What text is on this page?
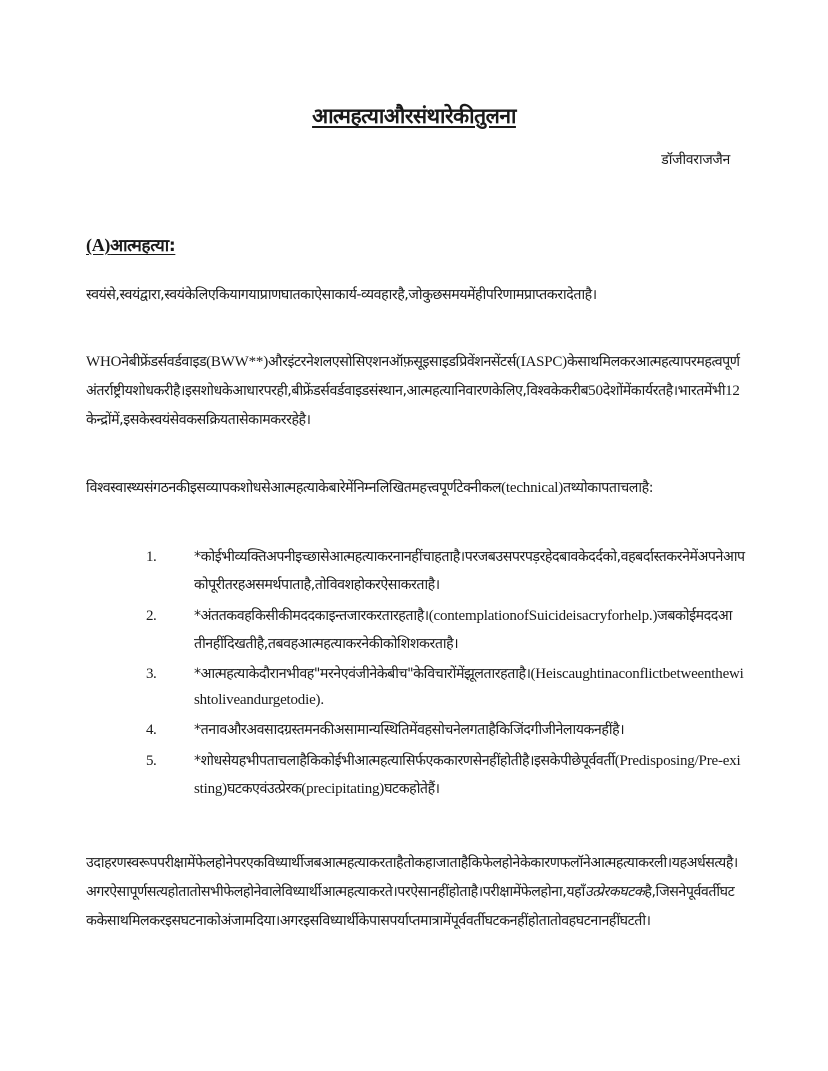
आत्महत्याऔरसंथारेकीतुलना
डॉजीवराजजैन
(A)आत्महत्या:
स्वयंसे,स्वयंद्वारा,स्वयंकेलिएकियागयाप्राणघातकाऐसाकार्य-व्यवहारहै,जोकुछसमयमेंहीपरिणामप्राप्तकरादेताहै।
WHOनेबीफ्रेंडर्सवर्डवाइड(BWW**)औरइंटरनेशलएसोसिएशनऑफ़सूइसाइडप्रिवेंशनसेंटर्स(IASPC)केसाथमिलकरआत्महत्यापरमहत्वपूर्णअंतर्राष्ट्रीयशोधकरीहै।इसशोधकेआधारपरही,बीफ्रेंडर्सवर्डवाइडसंस्थान,आत्महत्यानिवारणकेलिए,विश्वकेकरीब50देशोंमेंकार्यरतहै।भारतमेंभी12केन्द्रोंमें,इसकेस्वयंसेवकसक्रियतासेकामकररहेहै।
विश्वस्वास्थ्यसंगठनकीइसव्यापकशोधसेआत्महत्याकेबारेमेंनिम्नलिखितमहत्त्वपूर्णटेक्नीकल(technical)तथ्योकापताचलाहै:
1.	*कोईभीव्यक्तिअपनीइच्छासेआत्महत्याकरनानहींचाहताहै।परजबउसपरपड़रहेदबावकेदर्दको,वहबर्दास्तकरनेमेंअपनेआपकोपूरीतरहअसमर्थपाताहै,तोविवशहोकरऐसाकरताहै।
2.	*अंततकवहकिसीकीमददकाइन्तजारकरतारहताहै।(contemplationofSuicideisacryforhelp.)जबकोईमददआतीनहींदिखतीहै,तबवहआत्महत्याकरनेकीकोशिशकरताहै।
3.	*आत्महत्याकेदौरानभीवह"मरनेएवंजीनेकेबीच"केविचारोंमेंझूलतारहताहै।(Heiscaughtinaconflictbetweenthewishtoliveandurgetodie).
4.	*तनावऔरअवसादग्रस्तमनकीअसामान्यस्थितिमेंवहसोचनेलगताहैकिजिंदगीजीनेलायकनहींहै।
5.	*शोधसेयहभीपताचलाहैकिकोईभीआत्महत्यासिर्फएककारणसेनहींहोतीहै।इसकेपीछेपूर्ववर्ती(Predisposing/Pre-existing)घटकएवंउत्प्रेरक(precipitating)घटकहोतेहैं।
उदाहरणस्वरूपपरीक्षामेंफेलहोनेपरएकविध्यार्थीजबआत्महत्याकरताहैतोकहाजाताहैकिफेलहोनेकेकारणफलॉनेआत्महत्याकरली।यहअर्धसत्यहै।अगरऐसापूर्णसत्यहोतातोसभीफेलहोनेवालेविध्यार्थीआत्महत्याकरते।परऐसानहींहोताहै।परीक्षामेंफेलहोना,यहाँउत्प्रेरकघटकहै,जिसनेपूर्ववर्तीघटककेसाथमिलकरइसघटनाकोअंजामदिया।अगरइसविध्यार्थीकेपासपर्याप्तमात्रामेंपूर्ववर्तीघटकनहींहोतातोवहघटनानहींघटती।
